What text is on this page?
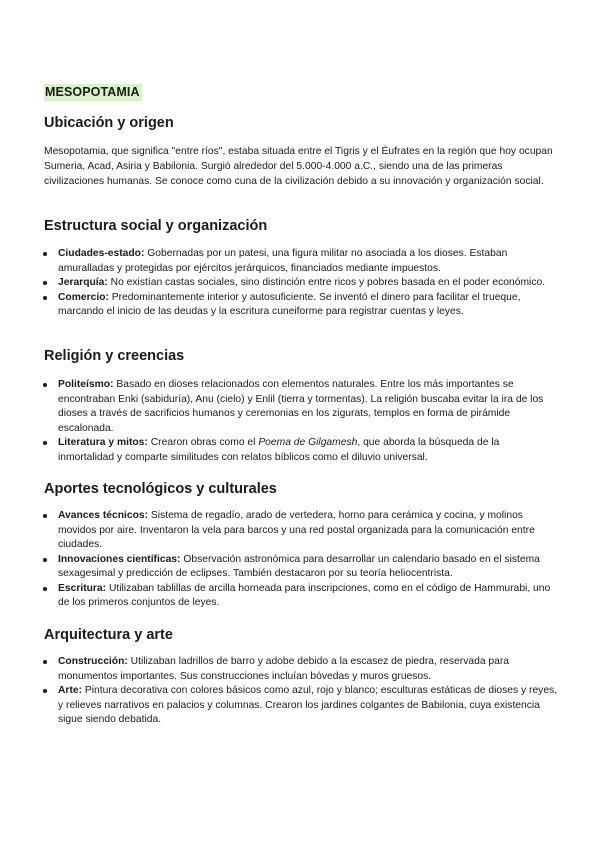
MESOPOTAMIA
Ubicación y origen

Mesopotamia, que significa "entre ríos", estaba situada entre el Tigris y el Éufrates en la región que hoy ocupan Sumeria, Acad, Asiria y Babilonia. Surgió alrededor del 5.000-4.000 a.C., siendo una de las primeras civilizaciones humanas. Se conoce como cuna de la civilización debido a su innovación y organización social.

Estructura social y organización
Ciudades-estado: Gobernadas por un patesi, una figura militar no asociada a los dioses. Estaban amuralladas y protegidas por ejércitos jerárquicos, financiados mediante impuestos.
Jerarquía: No existían castas sociales, sino distinción entre ricos y pobres basada en el poder económico.
Comercio: Predominantemente interior y autosuficiente. Se inventó el dinero para facilitar el trueque, marcando el inicio de las deudas y la escritura cuneiforme para registrar cuentas y leyes.
Religión y creencias
Politeísmo: Basado en dioses relacionados con elementos naturales. Entre los más importantes se encontraban Enki (sabiduría), Anu (cielo) y Enlil (tierra y tormentas). La religión buscaba evitar la ira de los dioses a través de sacrificios humanos y ceremonias en los zigurats, templos en forma de pirámide escalonada.
Literatura y mitos: Crearon obras como el Poema de Gilgamesh, que aborda la búsqueda de la inmortalidad y comparte similitudes con relatos bíblicos como el diluvio universal.
Aportes tecnológicos y culturales
Avances técnicos: Sistema de regadío, arado de vertedera, horno para cerámica y cocina, y molinos movidos por aire. Inventaron la vela para barcos y una red postal organizada para la comunicación entre ciudades.
Innovaciones científicas: Observación astronómica para desarrollar un calendario basado en el sistema sexagesimal y predicción de eclipses. También destacaron por su teoría heliocentrista.
Escritura: Utilizaban tablillas de arcilla horneada para inscripciones, como en el código de Hammurabi, uno de los primeros conjuntos de leyes.
Arquitectura y arte
Construcción: Utilizaban ladrillos de barro y adobe debido a la escasez de piedra, reservada para monumentos importantes. Sus construcciones incluían bóvedas y muros gruesos.
Arte: Pintura decorativa con colores básicos como azul, rojo y blanco; esculturas estáticas de dioses y reyes, y relieves narrativos en palacios y columnas. Crearon los jardines colgantes de Babilonia, cuya existencia sigue siendo debatida.
